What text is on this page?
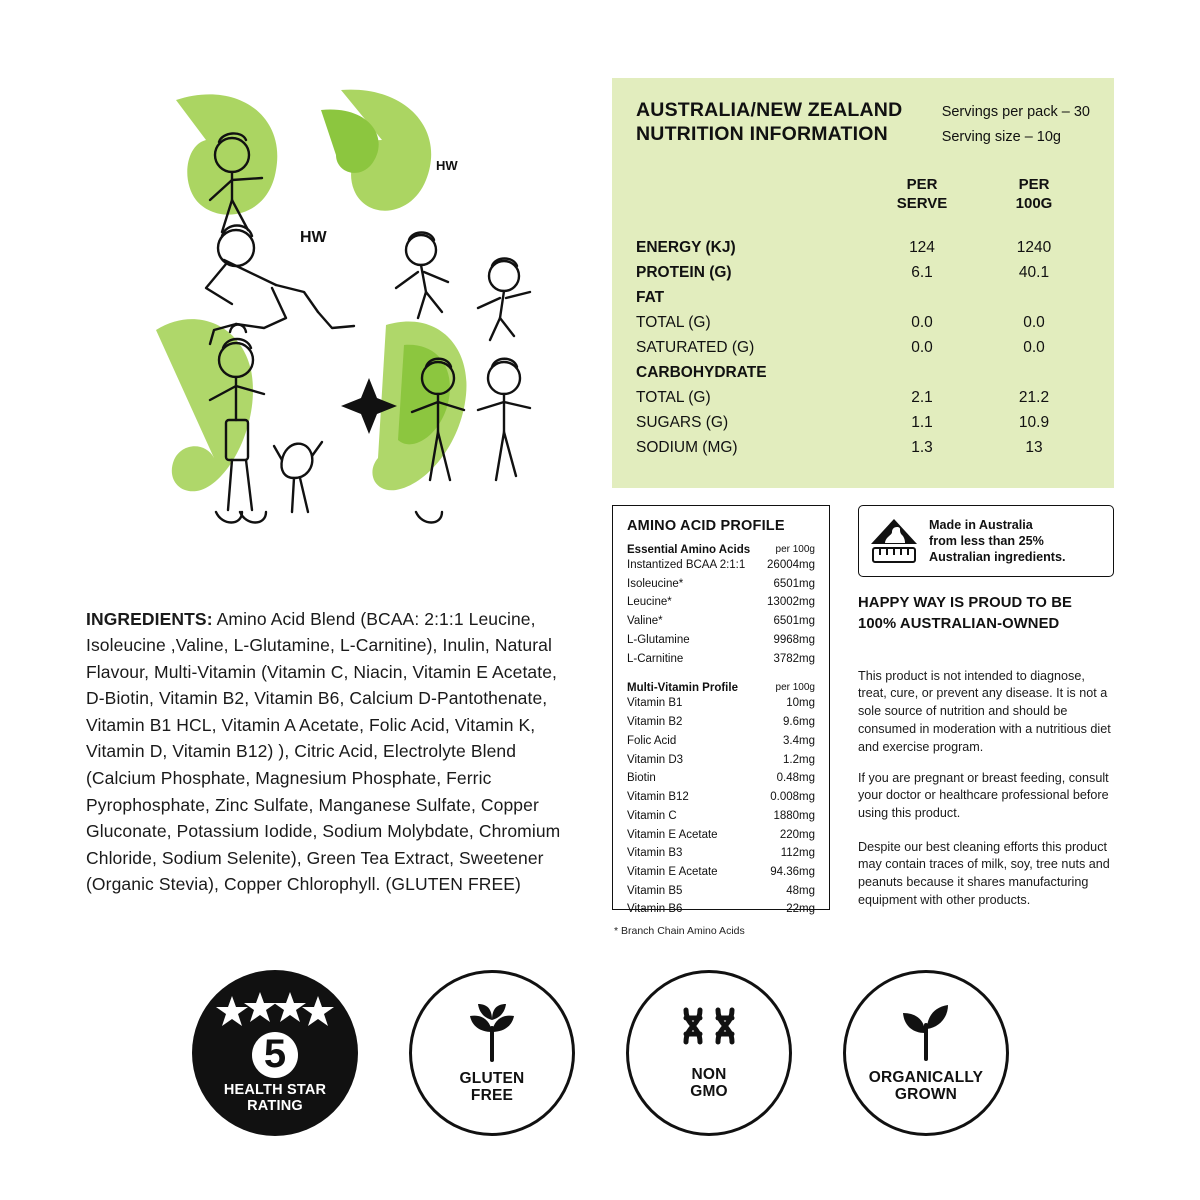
HW
HW

INGREDIENTS: Amino Acid Blend (BCAA: 2:1:1 Leucine, Isoleucine ,Valine, L-Glutamine, L-Carnitine), Inulin, Natural Flavour, Multi-Vitamin (Vitamin C, Niacin, Vitamin E Acetate, D-Biotin, Vitamin B2, Vitamin B6, Calcium D-Pantothenate, Vitamin B1 HCL, Vitamin A Acetate, Folic Acid, Vitamin K, Vitamin D, Vitamin B12) ), Citric Acid, Electrolyte Blend (Calcium Phosphate, Magnesium Phosphate, Ferric Pyrophosphate, Zinc Sulfate, Manganese Sulfate, Copper Gluconate, Potassium Iodide, Sodium Molybdate, Chromium Chloride, Sodium Selenite), Green Tea Extract, Sweetener (Organic Stevia), Copper Chlorophyll. (GLUTEN FREE)

AUSTRALIA/NEW ZEALAND
NUTRITION INFORMATION
Servings per pack – 30
Serving size – 10g
PER
SERVE
PER
100G
ENERGY (KJ)	124	1240
PROTEIN (G)	6.1	40.1
FAT
TOTAL (G)	0.0	0.0
SATURATED (G)	0.0	0.0
CARBOHYDRATE
TOTAL (G)	2.1	21.2
SUGARS (G)	1.1	10.9
SODIUM (MG)	1.3	13
AMINO ACID PROFILE
Essential Amino Acids	per 100g
Instantized BCAA 2:1:1 26004mg
Isoleucine*	6501mg
Leucine*	13002mg
Valine*	6501mg
L-Glutamine	9968mg
L-Carnitine	3782mg
Multi-Vitamin Profile	per 100g
Vitamin B1	10mg
Vitamin B2	9.6mg
Folic Acid	3.4mg
Vitamin D3	1.2mg
Biotin	0.48mg
Vitamin B12	0.008mg
Vitamin C	1880mg
Vitamin E Acetate	220mg
Vitamin B3	112mg
Vitamin E Acetate	94.36mg
Vitamin B5	48mg
Vitamin B6	22mg
* Branch Chain Amino Acids
Made in Australia
from less than 25%
Australian ingredients.
HAPPY WAY IS PROUD TO BE
100% AUSTRALIAN-OWNED

This product is not intended to diagnose, treat, cure, or prevent any disease. It is not a sole source of nutrition and should be consumed in moderation with a nutritious diet and exercise program.

If you are pregnant or breast feeding, consult your doctor or healthcare professional before using this product.

Despite our best cleaning efforts this product may contain traces of milk, soy, tree nuts and peanuts because it shares manufacturing equipment with other products.

5
HEALTH STAR
RATING
GLUTEN
FREE
NON
GMO
ORGANICALLY
GROWN
